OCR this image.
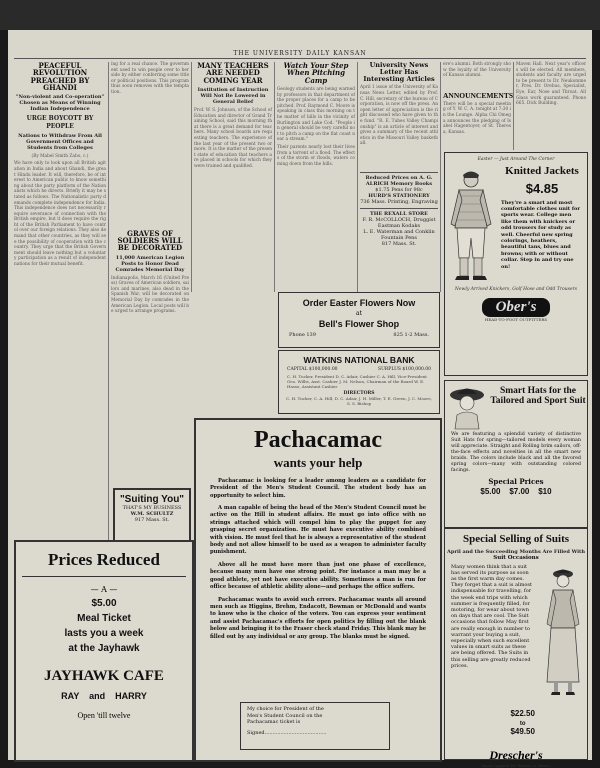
THE UNIVERSITY DAILY KANSAN
PEACEFUL REVOLUTION PREACHED BY GHANDI
"Non-violent and Co-operation" Chosen as Means of Winning Indian Independence
URGE BOYCOTT BY PEOPLE
Nations to Withdraw From All Government Offices and Students from Colleges
(By Mabel Smith Zabo, c.)
We have only to look upon all British agitation in India and about Ghandi, the great Hindu leader. It will, therefore, be of interest to American public to know something about the party platform of the Nationalists which he directs. Briefly it may be stated as follows. The Nationalistic party demands complete independence for India. This independence does not necessarily require severance of connection with the British empire, but it does require the right of the British Parliament to have control over our foreign relations. They also demand that other countries, as they will see the possibility of cooperation with the country. They urge that the British Government should leave nothing but a voluntary participation as a result of independent nations for their mutual benefit.
ing for a real chance. The government used to win people over to her side by either conferring some title or political positions. This program thus soon removes with the temptation.
GRAVES OF SOLDIERS WILL BE DECORATED
11,000 American Legion Posts to Honor Dead Comrades Memorial Day
Indianapolis, March 16 (United Press) Graves of American soldiers, sailors and marines, also dead in the Spanish War, will be decorated on Memorial Day by comrades in the American Legion. Local posts will be urged to arrange programs.
"Suiting You"
THAT'S MY BUSINESS
W.M. SCHULTZ
917 Mass. St.
MANY TEACHERS ARE NEEDED COMING YEAR
Institution of Instruction Will Not Be Lowered in General Belief
Prof. W. S. Johnson, of the School of Education and director of Grand Training School, said this morning that there is a great demand for teachers. Many school boards are requesting teachers. The experience of the last year of the present two or more. It is the matter of the present state of education that teachers are placed in schools for which they were trained and qualified.
Watch Your Step When Pitching Camp
Geology students are being warned by professors in that department of the proper places for a camp to be pitched. Prof. Raymond C. Moore is speaking in class this morning on the matter of hills in the vicinity of Burlington and Lake Cod. "People in general should be very careful not to pitch a camp on the flat coast near a stream."
Their parents nearly lost their lives from a torrent of a flood. The effects of the storm or floods, waters coming down from the hills.
University News Letter Has Interesting Articles
April 1 issue of the University of Kansas News Letter, edited by Prof. C. Hill, secretary of the bureau of Corporation, is now off the press. An open letter of appreciation is the right discussed who have given to the fund. "R. E. Tubes Valley Championship" is an article of interest and gives a summary of the recent athletics in the Missouri Valley basketball.
Reduced Prices on A. G. ALRICH Memory Books
$1.75 Pens for 98c
HURD'S STATIONERY
736 Mass. Printing, Engraving
THE REXALL STORE
F. R. McCOLLOCH, Druggist
Eastman Kodaks
L. E. Waterman and Conklin Fountain Pens
817 Mass. St.
ere's alumni. Both strongly show the loyalty of the University of Kansas alumni.
ANNOUNCEMENTS
There will be a special meeting of Y. W. C. A. tonight at 7:30 in the Lounge. Alpha Chi Omega announces the pledging of Isabel Hagentoyer, of St. Theresa, Kansas.
Maven Hall. Next year's officers will be elected. All members, students and faculty are urged to be present to Dr. Neukommer, Pres. Dr. Orebus, Specialist, Eye, Ear, Nose and Throat. All Glass work guaranteed. Phone 665. Dick Building.
Easter — Just Around The Corner
Knitted Jackets
$4.85
They're a smart and most comfortable clothes unit for sports wear. College men like them with knickers or odd trousers for study as well. Cheerful new spring colorings, heathers, beautiful tans, blues and browns; with or without collar. Step in and try one on!
Newly Arrived Knickers, Golf Hose and Odd Trousers
Ober's
HEAD-TO-FOOT OUTFITTERS
Order Easter Flowers Now
at
Bell's Flower Shop
Phone 139	825 1-2 Mass.
WATKINS NATIONAL BANK
CAPITAL $100,000.00	SURPLUS $100,000.00
C. H. Tucker, President D. C. Adair, Cashier C. A. Hill, Vice-President Geo. Willis, Asst. Cashier J. M. Nelson, Chairman of the Board W. E. Hasse, Assistant Cashier
DIRECTORS
C. H. Tucker, C. A. Hill, D. C. Adair, J. H. Miller, T. E. Green, J. C. Moore, S. S. Bishop
Prices Reduced
— A —
$5.00
Meal Ticket
lasts you a week
at the Jayhawk
JAYHAWK CAFE
RAY    and    HARRY
Open 'till twelve
Pachacamac
wants your help

Pachacamac is looking for a leader among leaders as a candidate for President of the Men's Student Council. The student body has an opportunity to select him.

A man capable of being the head of the Men's Student Council must be active on the Hill in student affairs. He must go into office with no strings attached which will compel him to play the puppet for any grasping secret organization. He must have executive ability combined with vision. He must feel that he is always a representative of the student body and not allow himself to be used as a weapon to administer faculty punishment.

Above all he must have more than just one phase of excellence, because many men have one strong point. For instance a man may be a good athlete, yet not have executive ability. Sometimes a man is run for office because of athletic ability alone—and perhaps the office suffers.

Pachacamac wants to avoid such errors. Pachacamac wants all around men such as Higgins, Brehm, Endacott, Bowman or McDonald and wants to know who is the choice of the voters. You can express your sentiment and assist Pachacamac's efforts for open politics by filling out the blank below and bringing it to the Fraser check stand Friday. This blank may be filled out by any individual or any group. The blanks must be signed.

My choice for President of the
Men's Student Council on the
Pachacamac ticket is
Signed.......................................
Smart Hats for the Tailored and Sport Suit
We are featuring a splendid variety of distinctive Suit Hats for spring—tailored models every woman will appreciate. Straight and Rolling brim sailors, off-the-face effects and novelties in all the smart new braids. The colors include black and all the favored spring colors—many with outstanding colored facings.
Special Prices
$5.00    $7.00    $10
Special Selling of Suits
April and the Succeeding Months Are Filled With
Suit Occasions
Many women think that a suit has served its purpose as soon as the first warm day comes. They forget that a suit is almost indispensable for travelling, for the week end trips with which summer is frequently filled, for motoring, for wear about town on days that are cool. The Suit occasions that follow May first are really enough in number to warrant your buying a suit, especially when such excellent values in smart suits as these are being offered. The Suits in this selling are greatly reduced prices.

$22.50
to
$49.50

Drescher's
Smart Apparel for Women & Misses
